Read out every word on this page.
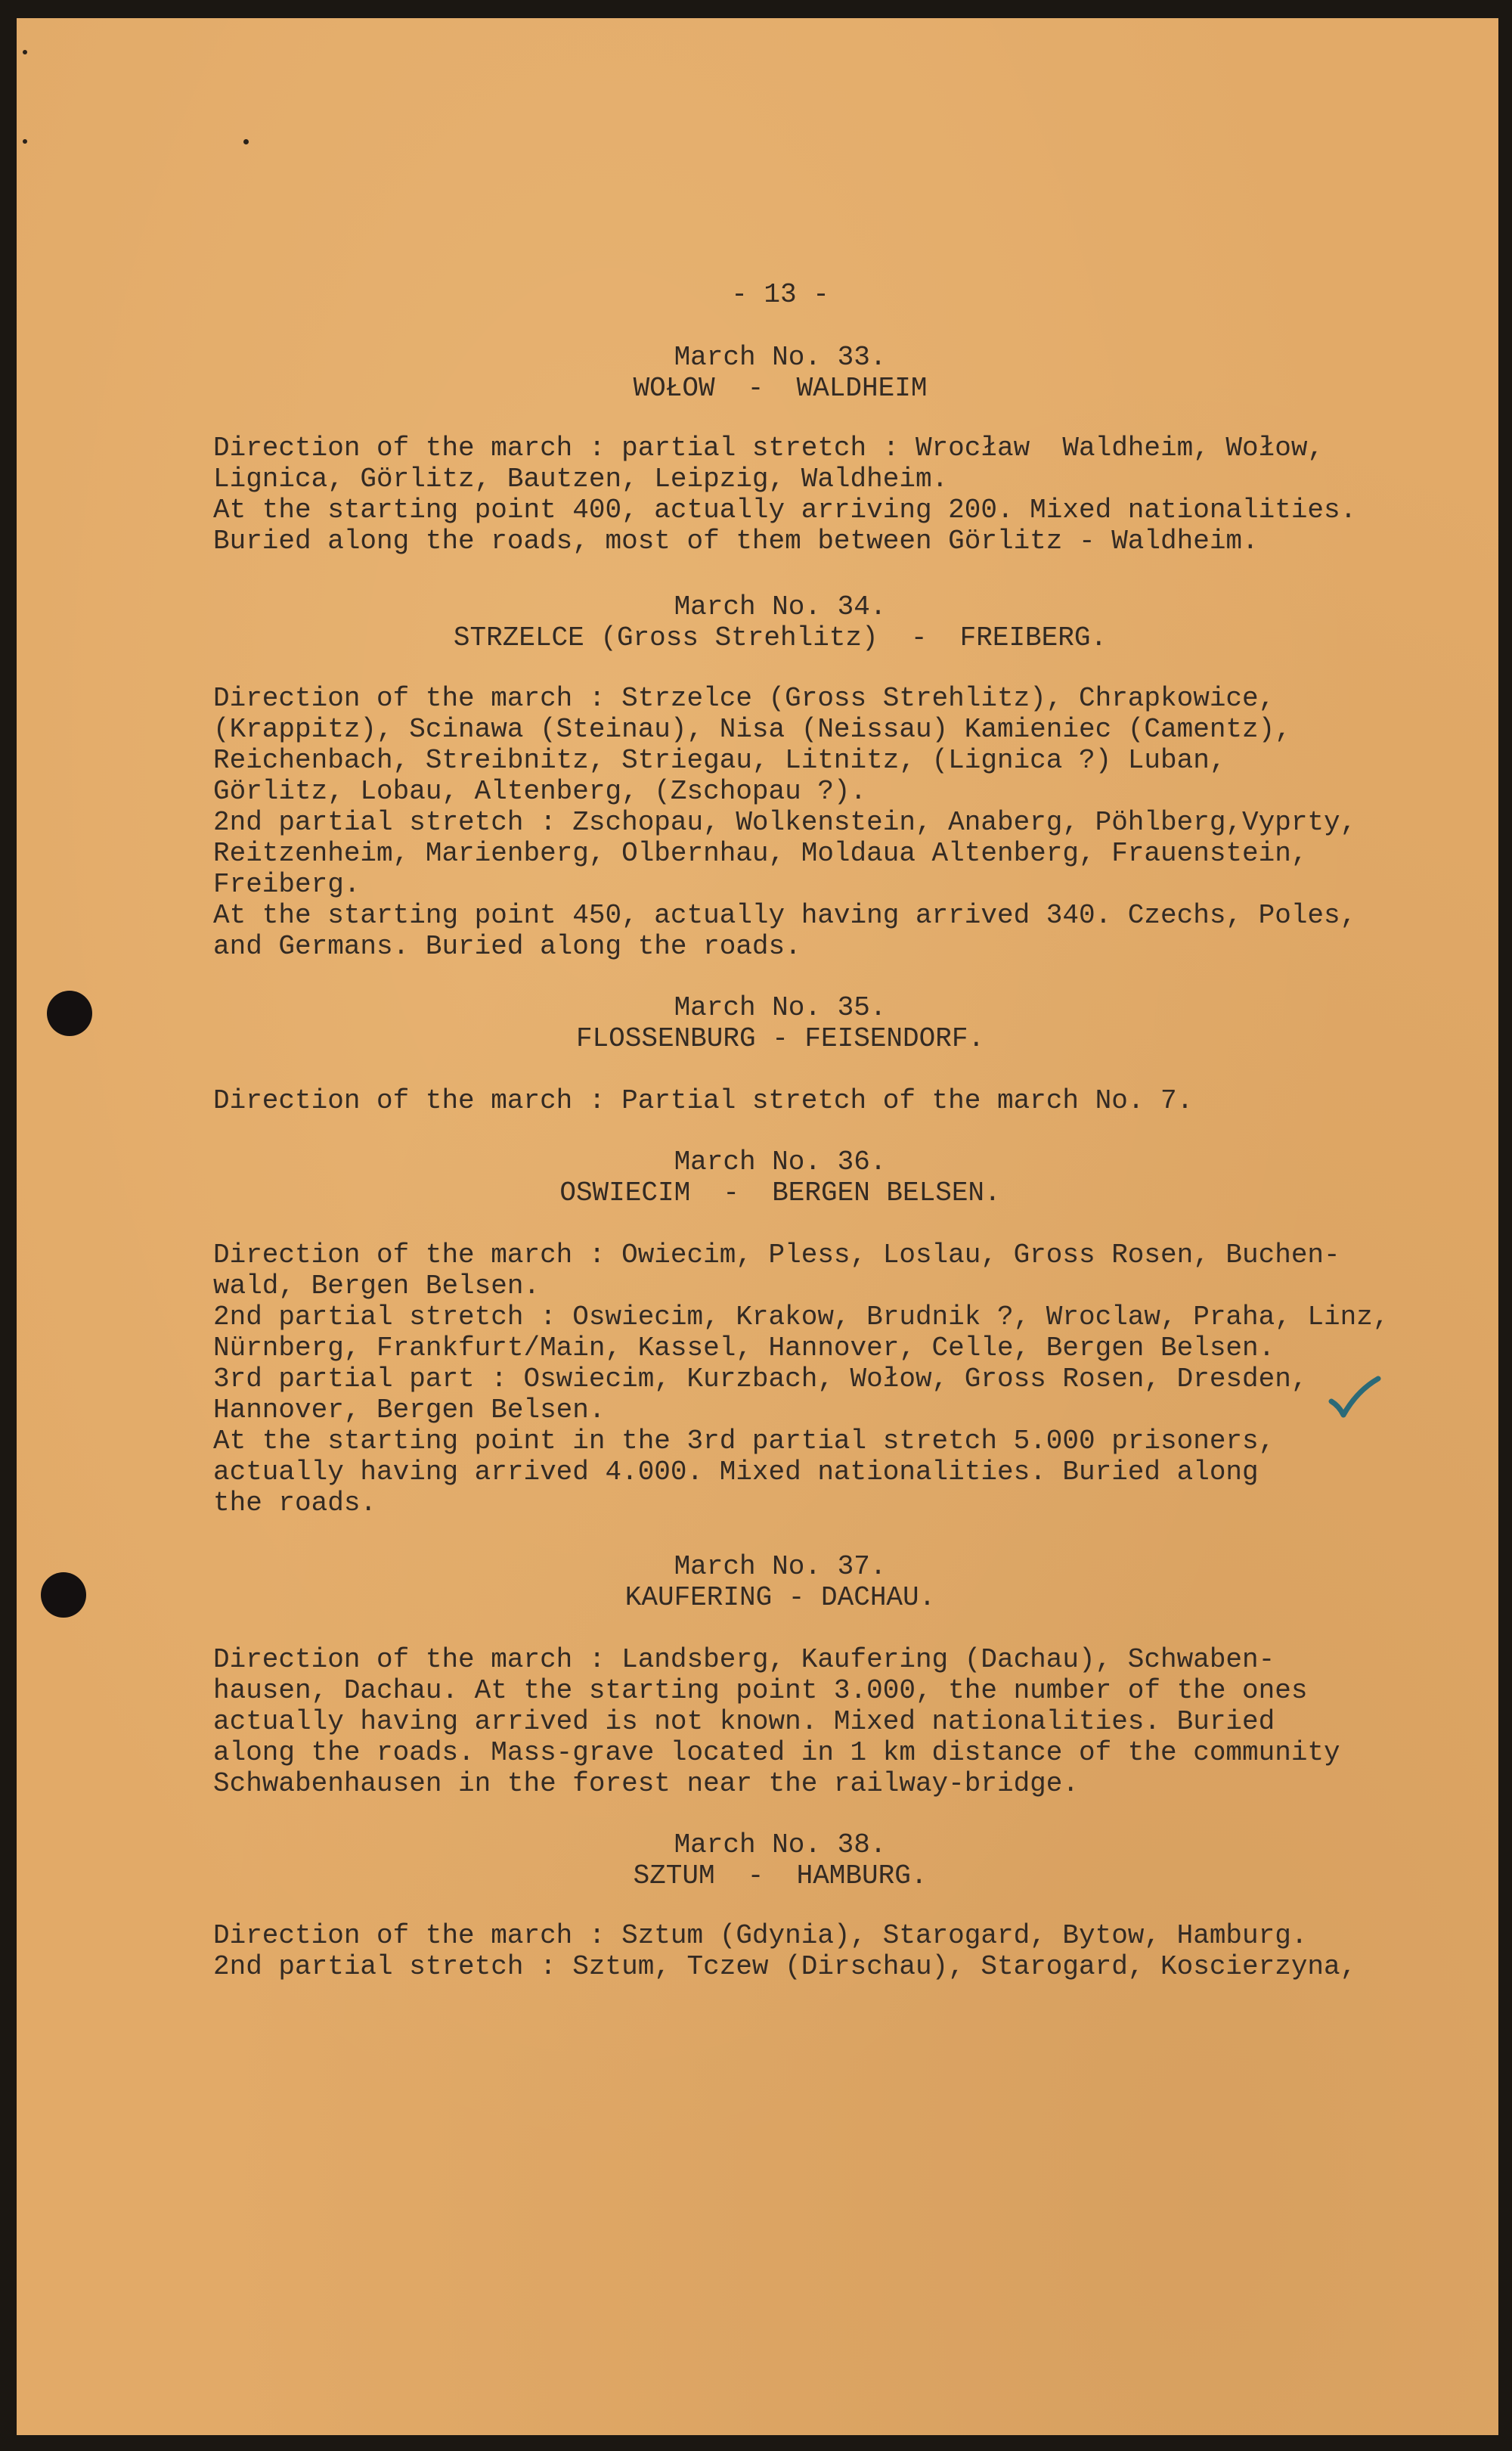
- 13 -
March No. 33.
WOŁOW  -  WALDHEIM
Direction of the march : partial stretch : Wrocław  Waldheim, Wołow,
Lignica, Görlitz, Bautzen, Leipzig, Waldheim.
At the starting point 400, actually arriving 200. Mixed nationalities.
Buried along the roads, most of them between Görlitz - Waldheim.
March No. 34.
STRZELCE (Gross Strehlitz)  -  FREIBERG.
Direction of the march : Strzelce (Gross Strehlitz), Chrapkowice,
(Krappitz), Scinawa (Steinau), Nisa (Neissau) Kamieniec (Camentz),
Reichenbach, Streibnitz, Striegau, Litnitz, (Lignica ?) Luban,
Görlitz, Lobau, Altenberg, (Zschopau ?).
2nd partial stretch : Zschopau, Wolkenstein, Anaberg, Pöhlberg,Vyprty,
Reitzenheim, Marienberg, Olbernhau, Moldaua Altenberg, Frauenstein,
Freiberg.
At the starting point 450, actually having arrived 340. Czechs, Poles,
and Germans. Buried along the roads.
March No. 35.
FLOSSENBURG - FEISENDORF.
Direction of the march : Partial stretch of the march No. 7.
March No. 36.
OSWIECIM  -  BERGEN BELSEN.
Direction of the march : Owiecim, Pless, Loslau, Gross Rosen, Buchen-
wald, Bergen Belsen.
2nd partial stretch : Oswiecim, Krakow, Brudnik ?, Wroclaw, Praha, Linz,
Nürnberg, Frankfurt/Main, Kassel, Hannover, Celle, Bergen Belsen.
3rd partial part : Oswiecim, Kurzbach, Wołow, Gross Rosen, Dresden,
Hannover, Bergen Belsen.
At the starting point in the 3rd partial stretch 5.000 prisoners,
actually having arrived 4.000. Mixed nationalities. Buried along
the roads.
March No. 37.
KAUFERING - DACHAU.
Direction of the march : Landsberg, Kaufering (Dachau), Schwaben-
hausen, Dachau. At the starting point 3.000, the number of the ones
actually having arrived is not known. Mixed nationalities. Buried
along the roads. Mass-grave located in 1 km distance of the community
Schwabenhausen in the forest near the railway-bridge.
March No. 38.
SZTUM  -  HAMBURG.
Direction of the march : Sztum (Gdynia), Starogard, Bytow, Hamburg.
2nd partial stretch : Sztum, Tczew (Dirschau), Starogard, Koscierzyna,
